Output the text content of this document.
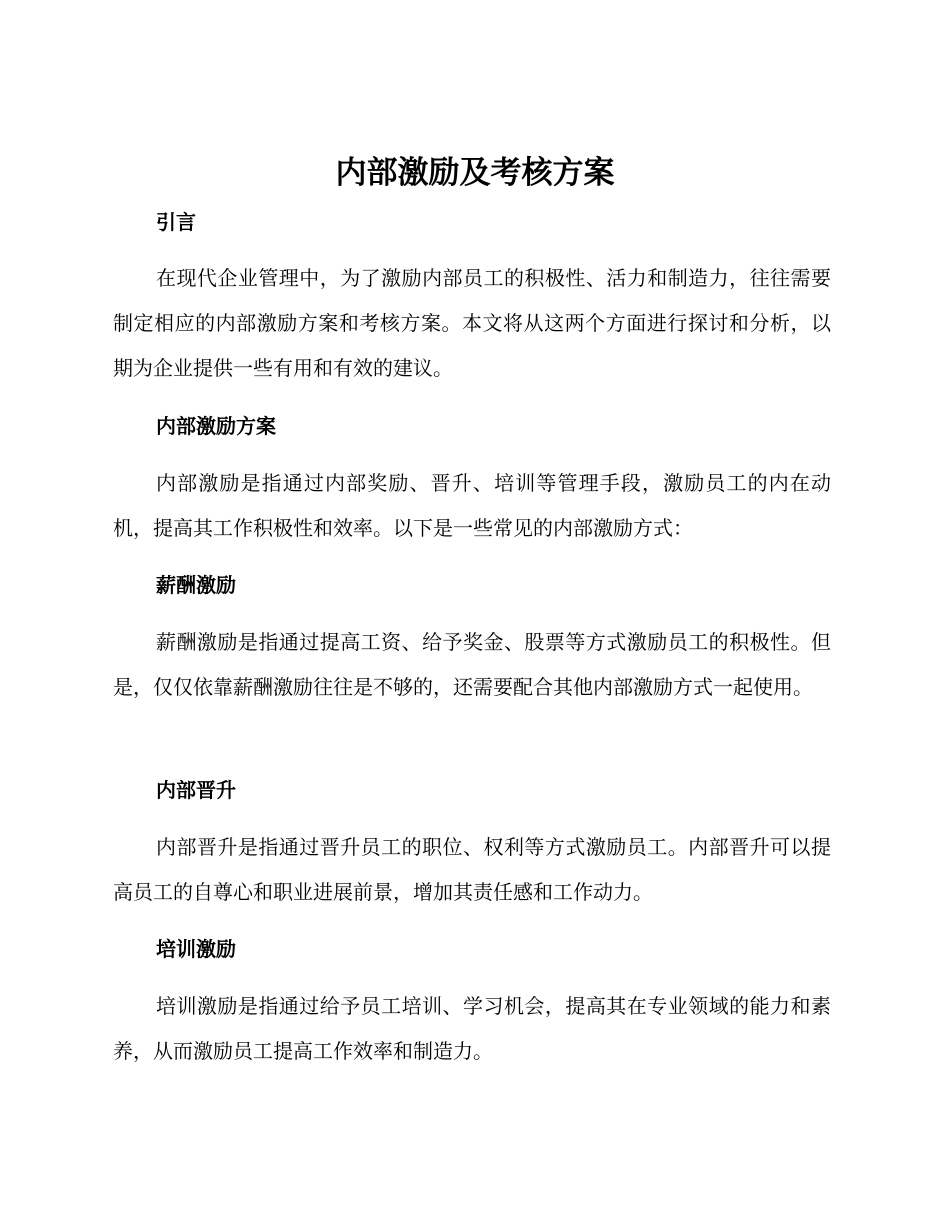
内部激励及考核方案
引言

在现代企业管理中，为了激励内部员工的积极性、活力和制造力，往往需要制定相应的内部激励方案和考核方案。本文将从这两个方面进行探讨和分析，以期为企业提供一些有用和有效的建议。

内部激励方案

内部激励是指通过内部奖励、晋升、培训等管理手段，激励员工的内在动机，提高其工作积极性和效率。以下是一些常见的内部激励方式：

薪酬激励

薪酬激励是指通过提高工资、给予奖金、股票等方式激励员工的积极性。但是，仅仅依靠薪酬激励往往是不够的，还需要配合其他内部激励方式一起使用。

内部晋升

内部晋升是指通过晋升员工的职位、权利等方式激励员工。内部晋升可以提高员工的自尊心和职业进展前景，增加其责任感和工作动力。

培训激励

培训激励是指通过给予员工培训、学习机会，提高其在专业领域的能力和素养，从而激励员工提高工作效率和制造力。
